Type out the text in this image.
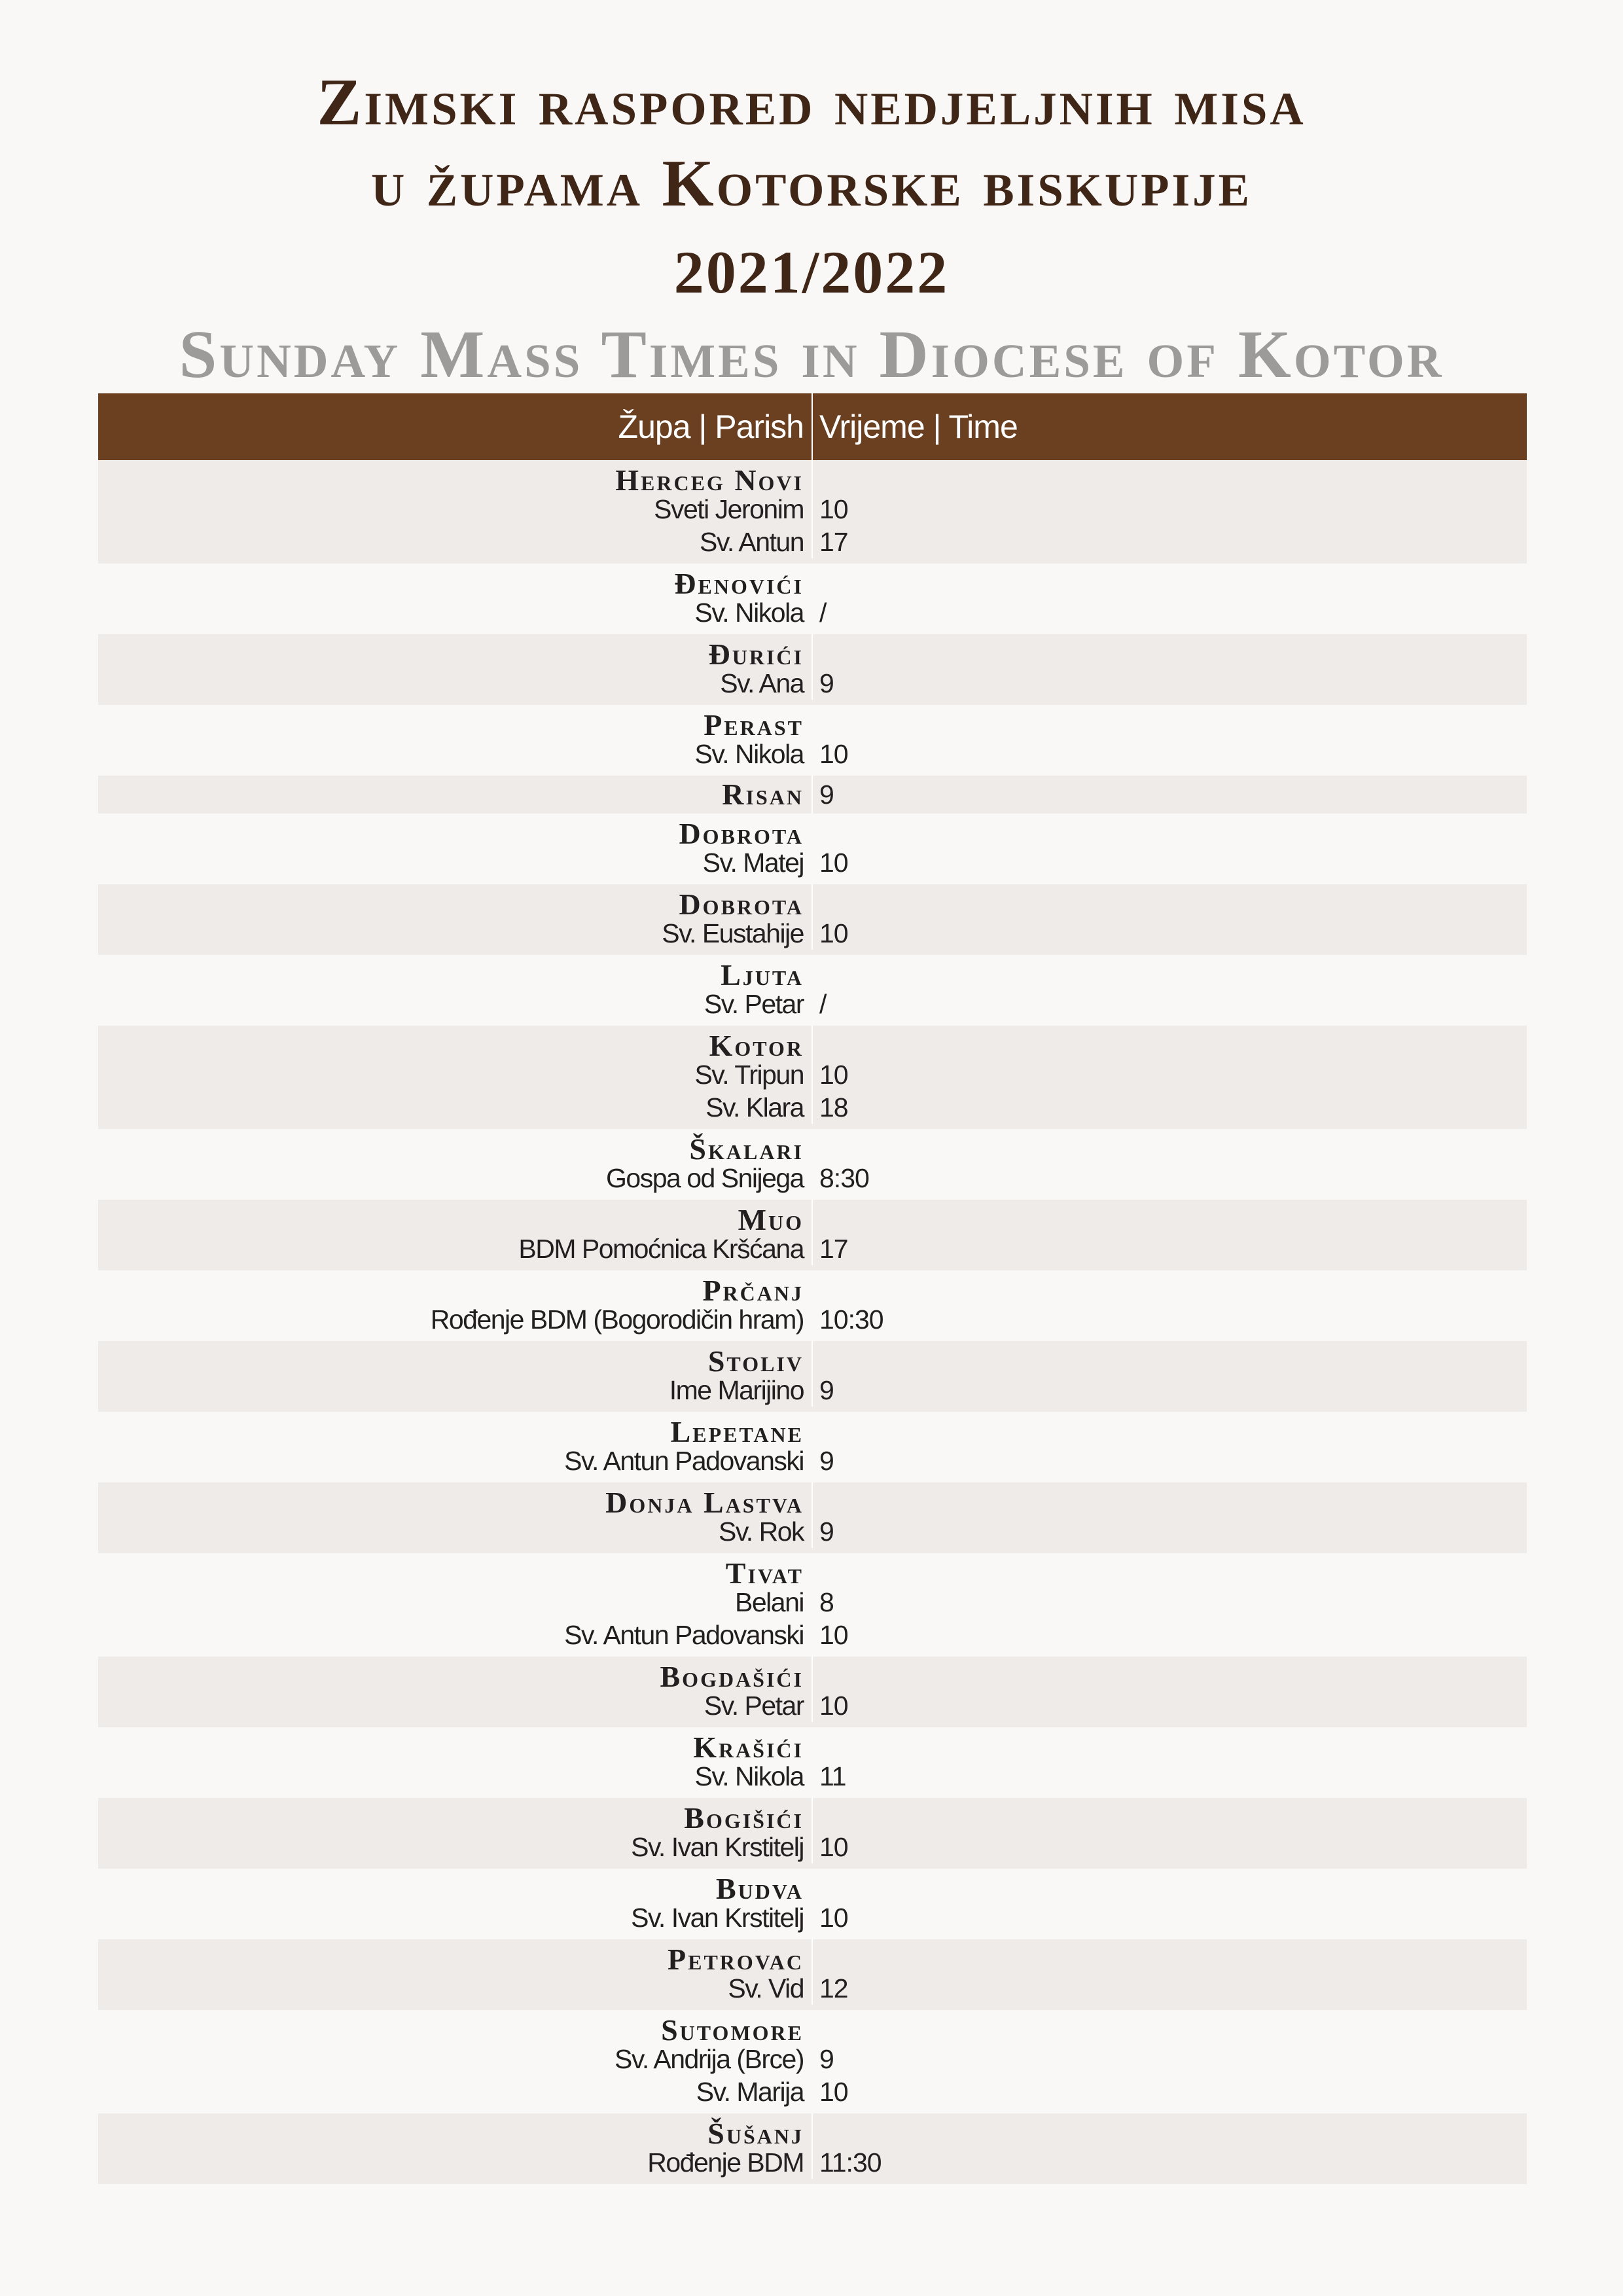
Zimski raspored nedjeljnih misa
u župama Kotorske biskupije
2021/2022
Sunday Mass Times in Diocese of Kotor
Župa | Parish Vrijeme | Time
Herceg Novi
Sveti Jeronim 10
Sv. Antun 17
Đenovići
Sv. Nikola /
Đurići
Sv. Ana 9
Perast
Sv. Nikola 10
Risan 9
Dobrota
Sv. Matej 10
Dobrota
Sv. Eustahije 10
Ljuta
Sv. Petar /
Kotor
Sv. Tripun 10
Sv. Klara 18
Škalari
Gospa od Snijega 8:30
Muo
BDM Pomoćnica Kršćana 17
Prčanj
Rođenje BDM (Bogorodičin hram) 10:30
Stoliv
Ime Marijino 9
Lepetane
Sv. Antun Padovanski 9
Donja Lastva
Sv. Rok 9
Tivat
Belani 8
Sv. Antun Padovanski 10
Bogdašići
Sv. Petar 10
Krašići
Sv. Nikola 11
Bogišići
Sv. Ivan Krstitelj 10
Budva
Sv. Ivan Krstitelj 10
Petrovac
Sv. Vid 12
Sutomore
Sv. Andrija (Brce) 9
Sv. Marija 10
Šušanj
Rođenje BDM 11:30
